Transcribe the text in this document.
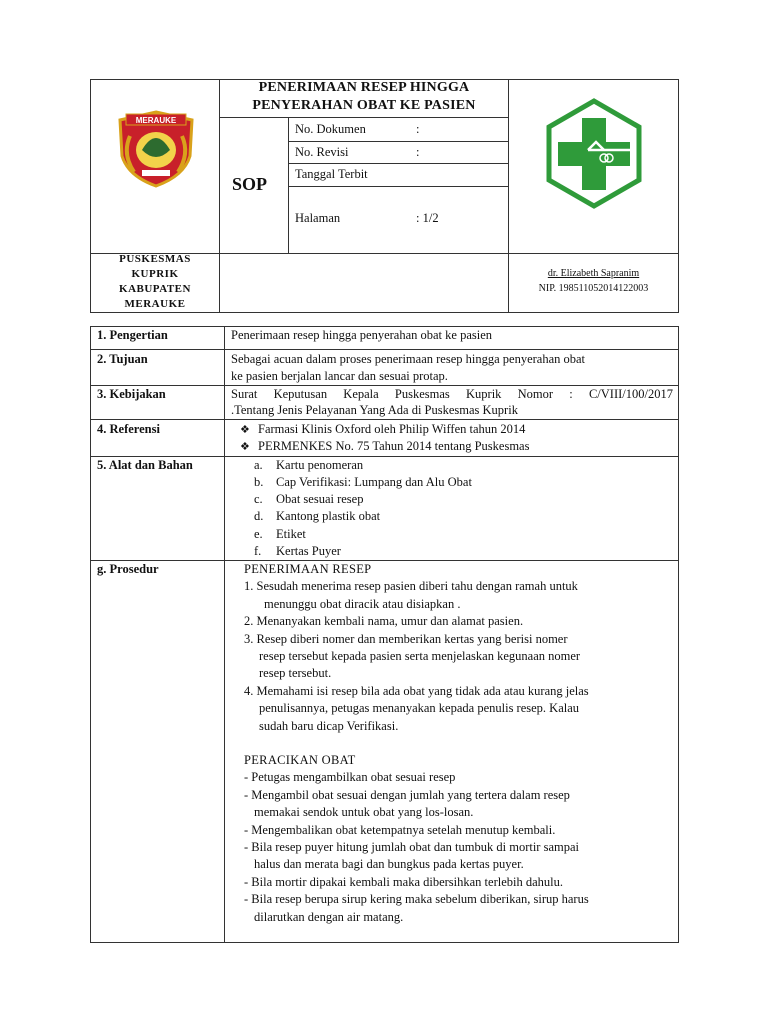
MERAUKE
PENERIMAAN RESEP HINGGA
PENYERAHAN OBAT KE PASIEN
SOP
No. Dokumen	:
No. Revisi	:
Tanggal Terbit
Halaman	: 1/2
PUSKESMAS
KUPRIK
KABUPATEN
MERAUKE
dr. Elizabeth Sapranim
NIP. 198511052014122003
1. Pengertian	Penerimaan resep hingga penyerahan obat ke pasien
2. Tujuan	Sebagai acuan dalam proses penerimaan resep hingga penyerahan obat
ke pasien berjalan lancar dan sesuai protap.
3. Kebijakan	Surat Keputusan Kepala Puskesmas Kuprik Nomor : C/VIII/100/2017
.Tentang Jenis Pelayanan Yang Ada di Puskesmas Kuprik
4. Referensi	❖ Farmasi Klinis Oxford oleh Philip Wiffen tahun 2014
❖ PERMENKES No. 75 Tahun 2014 tentang Puskesmas
5. Alat dan Bahan	a. Kartu penomeran
b. Cap Verifikasi: Lumpang dan Alu Obat
c. Obat sesuai resep
d. Kantong plastik obat
e. Etiket
f. Kertas Puyer
g. Prosedur	PENERIMAAN RESEP
1. Sesudah menerima resep pasien diberi tahu dengan ramah untuk
menunggu obat diracik atau disiapkan .
2. Menanyakan kembali nama, umur dan alamat pasien.
3. Resep diberi nomer dan memberikan kertas yang berisi nomer
resep tersebut kepada pasien serta menjelaskan kegunaan nomer
resep tersebut.
4. Memahami isi resep bila ada obat yang tidak ada atau kurang jelas
penulisannya, petugas menanyakan kepada penulis resep. Kalau
sudah baru dicap Verifikasi.
PERACIKAN OBAT
- Petugas mengambilkan obat sesuai resep
- Mengambil obat sesuai dengan jumlah yang tertera dalam resep
memakai sendok untuk obat yang los-losan.
- Mengembalikan obat ketempatnya setelah menutup kembali.
- Bila resep puyer hitung jumlah obat dan tumbuk di mortir sampai
halus dan merata bagi dan bungkus pada kertas puyer.
- Bila mortir dipakai kembali maka dibersihkan terlebih dahulu.
- Bila resep berupa sirup kering maka sebelum diberikan, sirup harus
dilarutkan dengan air matang.
